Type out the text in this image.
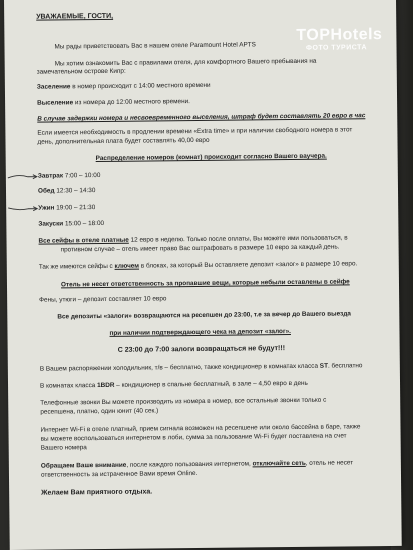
УВАЖАЕМЫЕ, ГОСТИ,

Мы рады приветствовать Вас в нашем отеле Paramount Hotel APTS

Мы хотим ознакомить Вас с правилами отеля, для комфортного Вашего пребывания на

замечательном острове Кипр:

Заселение в номер происходит с 14:00 местного времени

Выселение из номера до 12:00 местного времени.

В случае задержки номера и несвоевременного выселения, штраф будет составлять 20 евро в час

Если имеется необходимость в продлении времени «Extra time» и при наличии свободного номера в этот

день, дополнительная плата будет составлять 40,00 евро

Распределение номеров (комнат) происходит согласно Вашего ваучера.

Завтрак 7:00 – 10:00

Обед 12:30 – 14:30

Ужин 19:00 – 21:30

Закуски 15:00 – 18:00

Все сейфы в отеле платные 12 евро в неделю. Только после оплаты, Вы можете ими пользоваться, в

противном случае – отель имеет право Вас оштрафовать в размере 10 евро за каждый день.

Так же имеются сейфы с ключем в блоках, за который Вы оставляете депозит «залог» в размере 10 евро.

Отель не несет ответственность за пропавшие вещи, которые небыли оставлены в сейфе

Фены, утюги – депозит составляет 10 евро

Все депозиты «залоги» возвращаются на ресепшен до 23:00, т.е за вечер до Вашего выезда

при наличии подтверждающего чека на депозит «залог».

С 23:00 до 7:00 залоги возвращаться не будут!!!

В Вашем распоряжении холодильник, т/в – бесплатно, также кондиционер в комнатах класса ST. бесплатно

В комнатах класса 1BDR – кондиционер в спальне бесплатный, в зале – 4,50 евро в день

Телефонные звонки Вы можете производить из номера в номер, все остальные звонки только с

ресепшена, платно, один юнит (40 сек.)

Интернет Wi-Fi в отеле платный, прием сигнала возможен на ресепшене или около бассейна в баре, также

вы можете воспользоваться интернетом в лоби, сумма за пользование Wi-Fi будет поставлена на счет

Вашего номера

Обращаем Ваше внимание, после каждого пользования интернетом, отключайте сеть, отель не несет

ответственность за истраченное Вами время Online.

Желаем Вам приятного отдыха.

TOPHotels
ФОТО ТУРИСТА
